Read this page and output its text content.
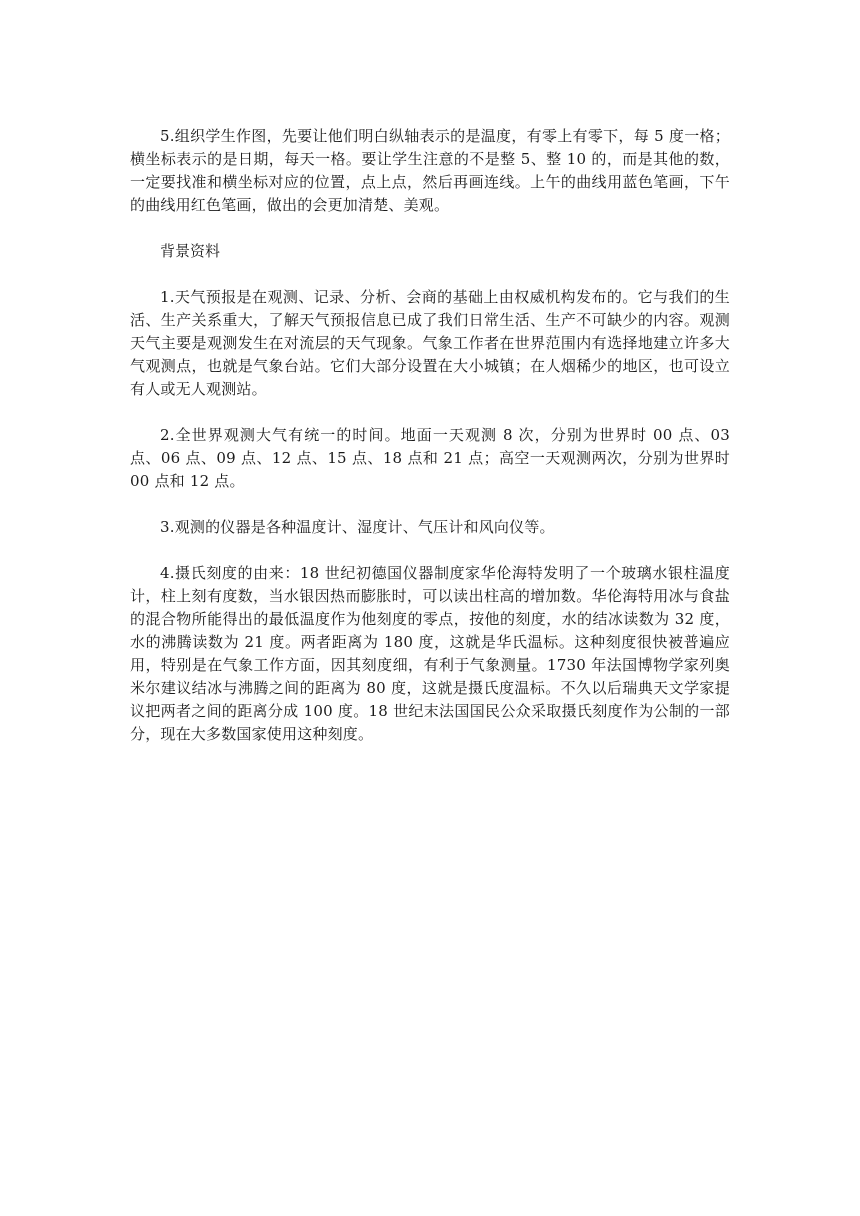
5.组织学生作图，先要让他们明白纵轴表示的是温度，有零上有零下，每 5 度一格；横坐标表示的是日期，每天一格。要让学生注意的不是整 5、整 10 的，而是其他的数，一定要找准和横坐标对应的位置，点上点，然后再画连线。上午的曲线用蓝色笔画，下午的曲线用红色笔画，做出的会更加清楚、美观。

背景资料

1.天气预报是在观测、记录、分析、会商的基础上由权威机构发布的。它与我们的生活、生产关系重大，了解天气预报信息已成了我们日常生活、生产不可缺少的内容。观测天气主要是观测发生在对流层的天气现象。气象工作者在世界范围内有选择地建立许多大气观测点，也就是气象台站。它们大部分设置在大小城镇；在人烟稀少的地区，也可设立有人或无人观测站。

2.全世界观测大气有统一的时间。地面一天观测 8 次，分别为世界时 00 点、03 点、06 点、09 点、12 点、15 点、18 点和 21 点；高空一天观测两次，分别为世界时 00 点和 12 点。

3.观测的仪器是各种温度计、湿度计、气压计和风向仪等。

4.摄氏刻度的由来：18 世纪初德国仪器制度家华伦海特发明了一个玻璃水银柱温度计，柱上刻有度数，当水银因热而膨胀时，可以读出柱高的增加数。华伦海特用冰与食盐的混合物所能得出的最低温度作为他刻度的零点，按他的刻度，水的结冰读数为 32 度，水的沸腾读数为 21 度。两者距离为 180 度，这就是华氏温标。这种刻度很快被普遍应用，特别是在气象工作方面，因其刻度细，有利于气象测量。1730 年法国博物学家列奥米尔建议结冰与沸腾之间的距离为 80 度，这就是摄氏度温标。不久以后瑞典天文学家提议把两者之间的距离分成 100 度。18 世纪末法国国民公众采取摄氏刻度作为公制的一部分，现在大多数国家使用这种刻度。
